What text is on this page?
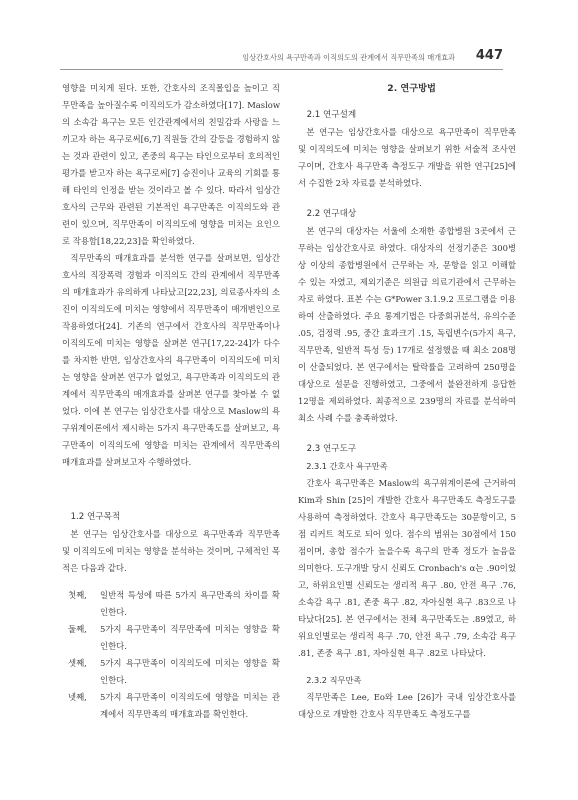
임상간호사의 욕구만족과 이직의도의 관계에서 직무만족의 매개효과 447

영향을 미치게 된다. 또한, 간호사의 조직몰입을 높이고 직무만족을 높아질수록 이직의도가 감소하였다[17]. Maslow의 소속감 욕구는 모든 인간관계에서의 친밀감과 사랑을 느끼고자 하는 욕구로써[6,7] 직원들 간의 갈등을 경험하지 않는 것과 관련이 있고, 존중의 욕구는 타인으로부터 호의적인 평가를 받고자 하는 욕구로써[7] 승진이나 교육의 기회를 통해 타인의 인정을 받는 것이라고 볼 수 있다. 따라서 임상간호사의 근무와 관련된 기본적인 욕구만족은 이직의도와 관련이 있으며, 직무만족이 이직의도에 영향을 미치는 요인으로 작용함[18,22,23]을 확인하였다.

직무만족의 매개효과를 분석한 연구를 살펴보면, 임상간호사의 직장폭력 경험과 이직의도 간의 관계에서 직무만족의 매개효과가 유의하게 나타났고[22,23], 의료종사자의 소진이 이직의도에 미치는 영향에서 직무만족이 매개변인으로 작용하였다[24]. 기존의 연구에서 간호사의 직무만족이나 이직의도에 미치는 영향을 살펴본 연구[17,22-24]가 다수를 차지한 반면, 임상간호사의 욕구만족이 이직의도에 미치는 영향을 살펴본 연구가 없었고, 욕구만족과 이직의도의 관계에서 직무만족의 매개효과를 살펴본 연구를 찾아볼 수 없었다. 이에 본 연구는 임상간호사를 대상으로 Maslow의 욕구위계이론에서 제시하는 5가지 욕구만족도를 살펴보고, 욕구만족이 이직의도에 영향을 미치는 관계에서 직무만족의 매개효과를 살펴보고자 수행하였다.

1.2 연구목적

본 연구는 임상간호사를 대상으로 욕구만족과 직무만족 및 이직의도에 미치는 영향을 분석하는 것이며, 구체적인 목적은 다음과 같다.

첫째, 일반적 특성에 따른 5가지 욕구만족의 차이를 확인한다.
둘째, 5가지 욕구만족이 직무만족에 미치는 영향을 확인한다.
셋째, 5가지 욕구만족이 이직의도에 미치는 영향을 확인한다.
넷째, 5가지 욕구만족이 이직의도에 영향을 미치는 관계에서 직무만족의 매개효과를 확인한다.

2. 연구방법

2.1 연구설계

본 연구는 임상간호사를 대상으로 욕구만족이 직무만족 및 이직의도에 미치는 영향을 살펴보기 위한 서술적 조사연구이며, 간호사 욕구만족 측정도구 개발을 위한 연구[25]에서 수집한 2차 자료를 분석하였다.

2.2 연구대상

본 연구의 대상자는 서울에 소재한 종합병원 3곳에서 근무하는 임상간호사로 하였다. 대상자의 선정기준은 300병상 이상의 종합병원에서 근무하는 자, 문항을 읽고 이해할 수 있는 자였고, 제외기준은 의원급 의료기관에서 근무하는 자로 하였다. 표본 수는 G*Power 3.1.9.2 프로그램을 이용하여 산출하였다. 주요 통계기법은 다중회귀분석, 유의수준 .05, 검정력 .95, 중간 효과크기 .15, 독립변수(5가지 욕구, 직무만족, 일반적 특성 등) 17개로 설정했을 때 최소 208명이 산출되었다. 본 연구에서는 탈락률을 고려하여 250명을 대상으로 설문을 진행하였고, 그중에서 불완전하게 응답한 12명을 제외하였다. 최종적으로 239명의 자료를 분석하여 최소 사례 수를 충족하였다.

2.3 연구도구

2.3.1 간호사 욕구만족

간호사 욕구만족은 Maslow의 욕구위계이론에 근거하여 Kim과 Shin [25]이 개발한 간호사 욕구만족도 측정도구를 사용하여 측정하였다. 간호사 욕구만족도는 30문항이고, 5점 리커트 척도로 되어 있다. 점수의 범위는 30점에서 150점이며, 총합 점수가 높을수록 욕구의 만족 정도가 높음을 의미한다. 도구개발 당시 신뢰도 Cronbach's α는 .90이었고, 하위요인별 신뢰도는 생리적 욕구 .80, 안전 욕구 .76, 소속감 욕구 .81, 존중 욕구 .82, 자아실현 욕구 .83으로 나타났다[25]. 본 연구에서는 전체 욕구만족도는 .89였고, 하위요인별로는 생리적 욕구 .70, 안전 욕구 .79, 소속감 욕구 .81, 존중 욕구 .81, 자아실현 욕구 .82로 나타났다.

2.3.2 직무만족

직무만족은 Lee, Eo와 Lee [26]가 국내 임상간호사를 대상으로 개발한 간호사 직무만족도 측정도구를
